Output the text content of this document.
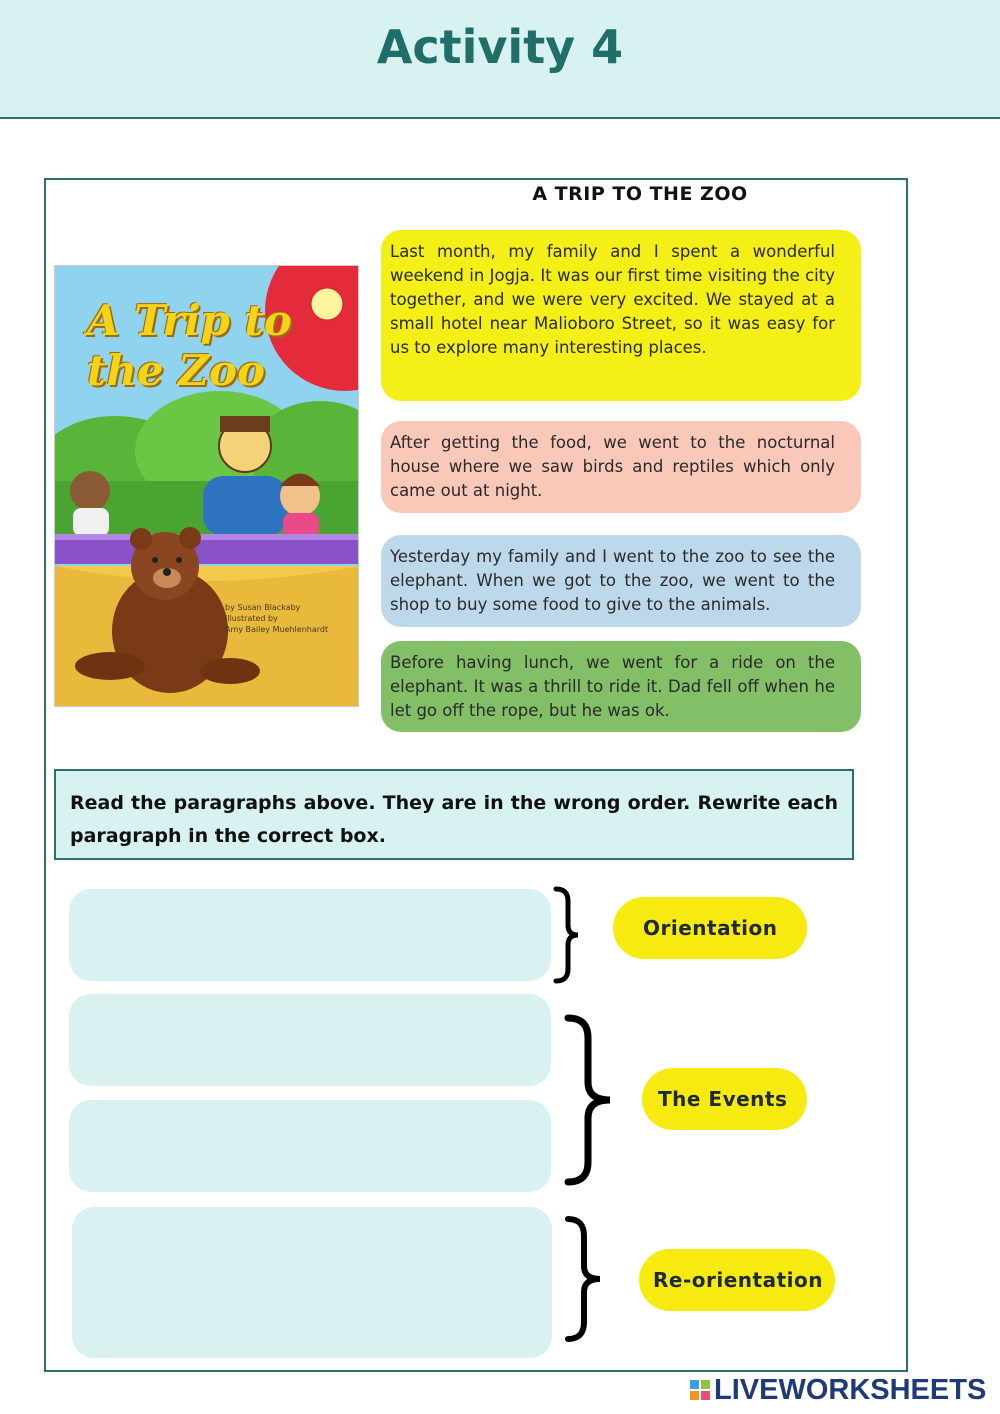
Activity 4
A TRIP TO THE ZOO
A Trip to
the Zoo
by Susan Blackaby
Illustrated by
Amy Bailey Muehlenhardt
Last month, my family and I spent a wonderful weekend in Jogja. It was our first time visiting the city together, and we were very excited. We stayed at a small hotel near Malioboro Street, so it was easy for us to explore many interesting places.
After getting the food, we went to the nocturnal house where we saw birds and reptiles which only came out at night.
Yesterday my family and I went to the zoo to see the elephant. When we got to the zoo, we went to the shop to buy some food to give to the animals.
Before having lunch, we went for a ride on the elephant. It was a thrill to ride it. Dad fell off when he let go off the rope, but he was ok.
Read the paragraphs above. They are in the wrong order. Rewrite each paragraph in the correct box.
Orientation
The Events
Re-orientation
LIVEWORKSHEETS
